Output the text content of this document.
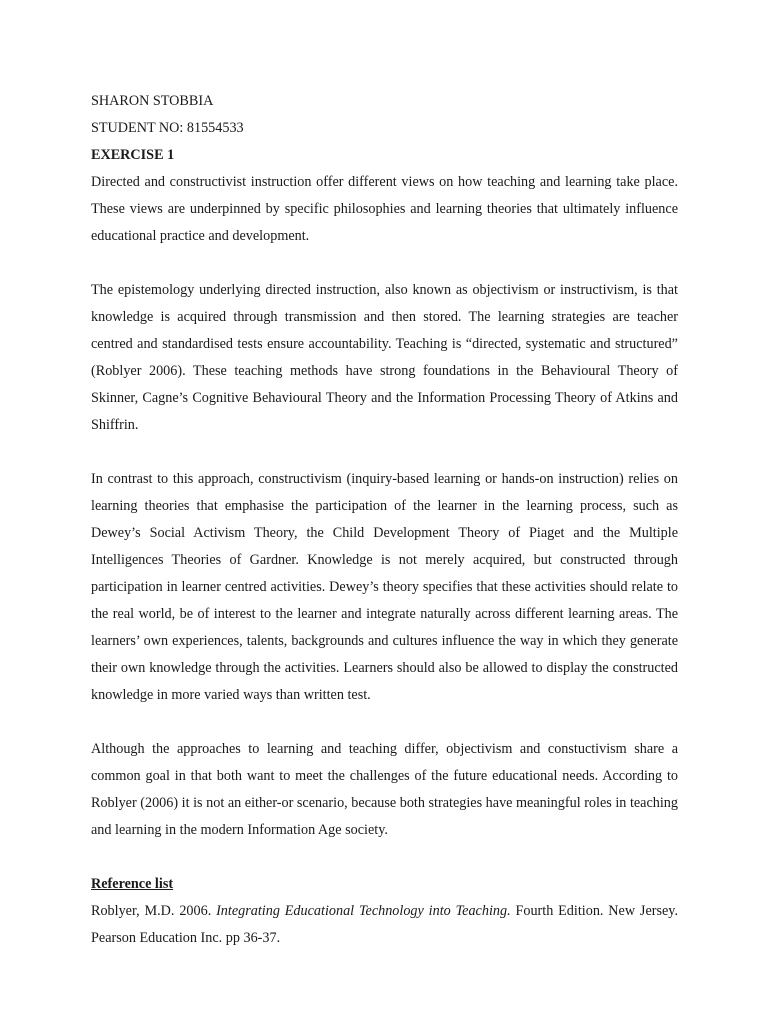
SHARON STOBBIA
STUDENT NO: 81554533
EXERCISE 1

Directed and constructivist instruction offer different views on how teaching and learning take place. These views are underpinned by specific philosophies and learning theories that ultimately influence educational practice and development.

The epistemology underlying directed instruction, also known as objectivism or instructivism, is that knowledge is acquired through transmission and then stored. The learning strategies are teacher centred and standardised tests ensure accountability. Teaching is “directed, systematic and structured” (Roblyer 2006). These teaching methods have strong foundations in the Behavioural Theory of Skinner, Cagne’s Cognitive Behavioural Theory and the Information Processing Theory of Atkins and Shiffrin.

In contrast to this approach, constructivism (inquiry-based learning or hands-on instruction) relies on learning theories that emphasise the participation of the learner in the learning process, such as Dewey’s Social Activism Theory, the Child Development Theory of Piaget and the Multiple Intelligences Theories of Gardner. Knowledge is not merely acquired, but constructed through participation in learner centred activities. Dewey’s theory specifies that these activities should relate to the real world, be of interest to the learner and integrate naturally across different learning areas. The learners’ own experiences, talents, backgrounds and cultures influence the way in which they generate their own knowledge through the activities. Learners should also be allowed to display the constructed knowledge in more varied ways than written test.

Although the approaches to learning and teaching differ, objectivism and constuctivism share a common goal in that both want to meet the challenges of the future educational needs. According to Roblyer (2006) it is not an either-or scenario, because both strategies have meaningful roles in teaching and learning in the modern Information Age society.

Reference list
Roblyer, M.D. 2006. Integrating Educational Technology into Teaching. Fourth Edition. New Jersey. Pearson Education Inc. pp 36-37.
